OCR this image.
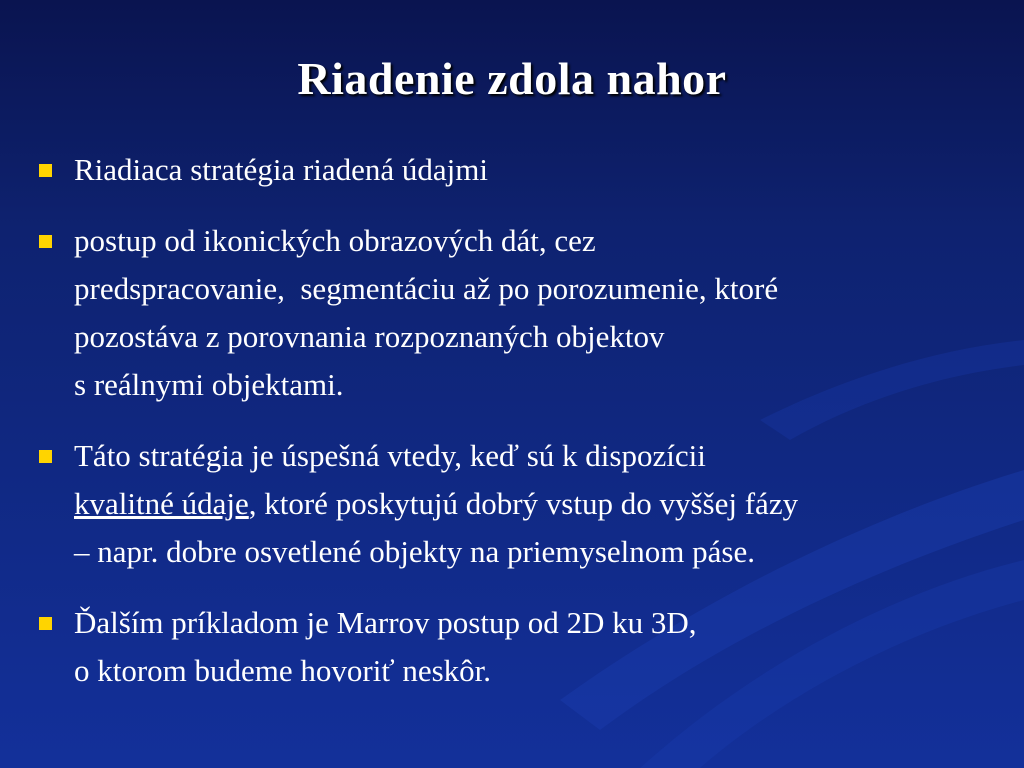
Riadenie zdola nahor
Riadiaca stratégia riadená údajmi
postup od ikonických obrazových dát, cez
predspracovanie,  segmentáciu až po porozumenie, ktoré
pozostáva z porovnania rozpoznaných objektov
s reálnymi objektami.
Táto stratégia je úspešná vtedy, keď sú k dispozícii
kvalitné údaje, ktoré poskytujú dobrý vstup do vyššej fázy
– napr. dobre osvetlené objekty na priemyselnom páse.
Ďalším príkladom je Marrov postup od 2D ku 3D,
o ktorom budeme hovoriť neskôr.
